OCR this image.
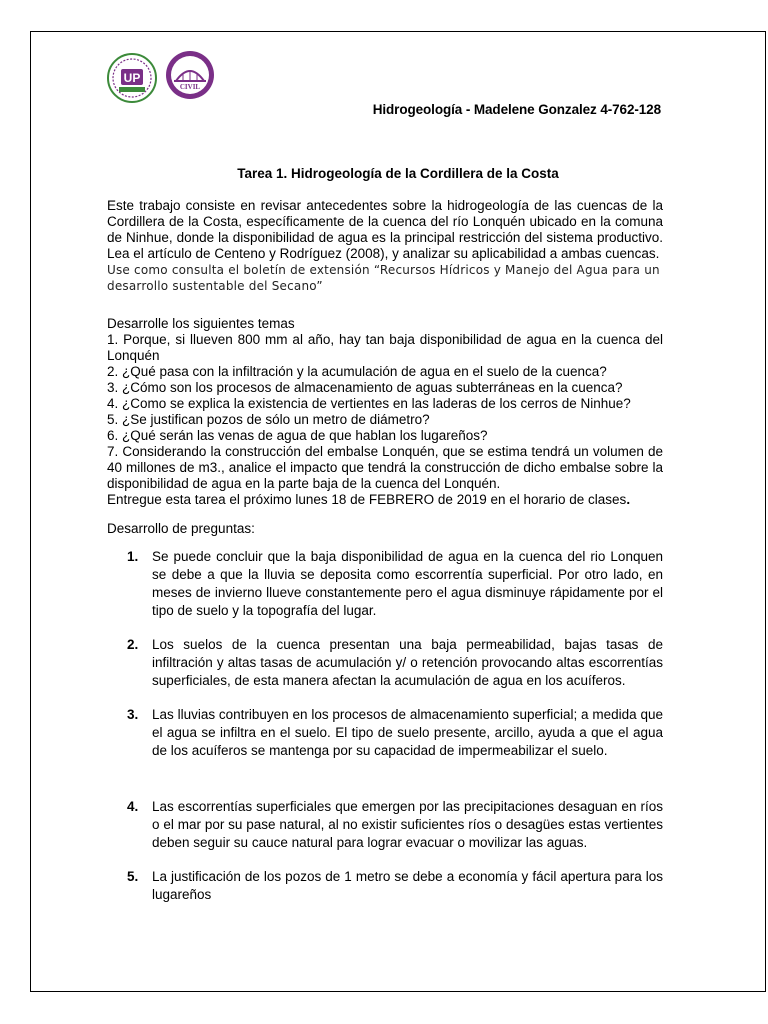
UP
CIVIL
Hidrogeología - Madelene Gonzalez 4-762-128
Tarea 1. Hidrogeología de la Cordillera de la Costa
Este trabajo consiste en revisar antecedentes sobre la hidrogeología de las cuencas de la Cordillera de la Costa, específicamente de la cuenca del río Lonquén ubicado en la comuna de Ninhue, donde la disponibilidad de agua es la principal restricción del sistema productivo. Lea el artículo de Centeno y Rodríguez (2008), y analizar su aplicabilidad a ambas cuencas.
Use como consulta el boletín de extensión “Recursos Hídricos y Manejo del Agua para un desarrollo sustentable del Secano”

Desarrolle los siguientes temas

1. Porque, si llueven 800 mm al año, hay tan baja disponibilidad de agua en la cuenca del Lonquén

2. ¿Qué pasa con la infiltración y la acumulación de agua en el suelo de la cuenca?

3. ¿Cómo son los procesos de almacenamiento de aguas subterráneas en la cuenca?

4. ¿Como se explica la existencia de vertientes en las laderas de los cerros de Ninhue?

5. ¿Se justifican pozos de sólo un metro de diámetro?

6. ¿Qué serán las venas de agua de que hablan los lugareños?

7. Considerando la construcción del embalse Lonquén, que se estima tendrá un volumen de 40 millones de m3., analice el impacto que tendrá la construcción de dicho embalse sobre la disponibilidad de agua en la parte baja de la cuenca del Lonquén.

Entregue esta tarea el próximo lunes 18 de FEBRERO de 2019 en el horario de clases.

Desarrollo de preguntas:
1. Se puede concluir que la baja disponibilidad de agua en la cuenca del rio Lonquen se debe a que la lluvia se deposita como escorrentía superficial. Por otro lado, en meses de invierno llueve constantemente pero el agua disminuye rápidamente por el tipo de suelo y la topografía del lugar.
2. Los suelos de la cuenca presentan una baja permeabilidad, bajas tasas de infiltración y altas tasas de acumulación y/ o retención provocando altas escorrentías superficiales, de esta manera afectan la acumulación de agua en los acuíferos.
3. Las lluvias contribuyen en los procesos de almacenamiento superficial; a medida que el agua se infiltra en el suelo. El tipo de suelo presente, arcillo, ayuda a que el agua de los acuíferos se mantenga por su capacidad de impermeabilizar el suelo.
4. Las escorrentías superficiales que emergen por las precipitaciones desaguan en ríos o el mar por su pase natural, al no existir suficientes ríos o desagües estas vertientes deben seguir su cauce natural para lograr evacuar o movilizar las aguas.
5. La justificación de los pozos de 1 metro se debe a economía y fácil apertura para los lugareños
